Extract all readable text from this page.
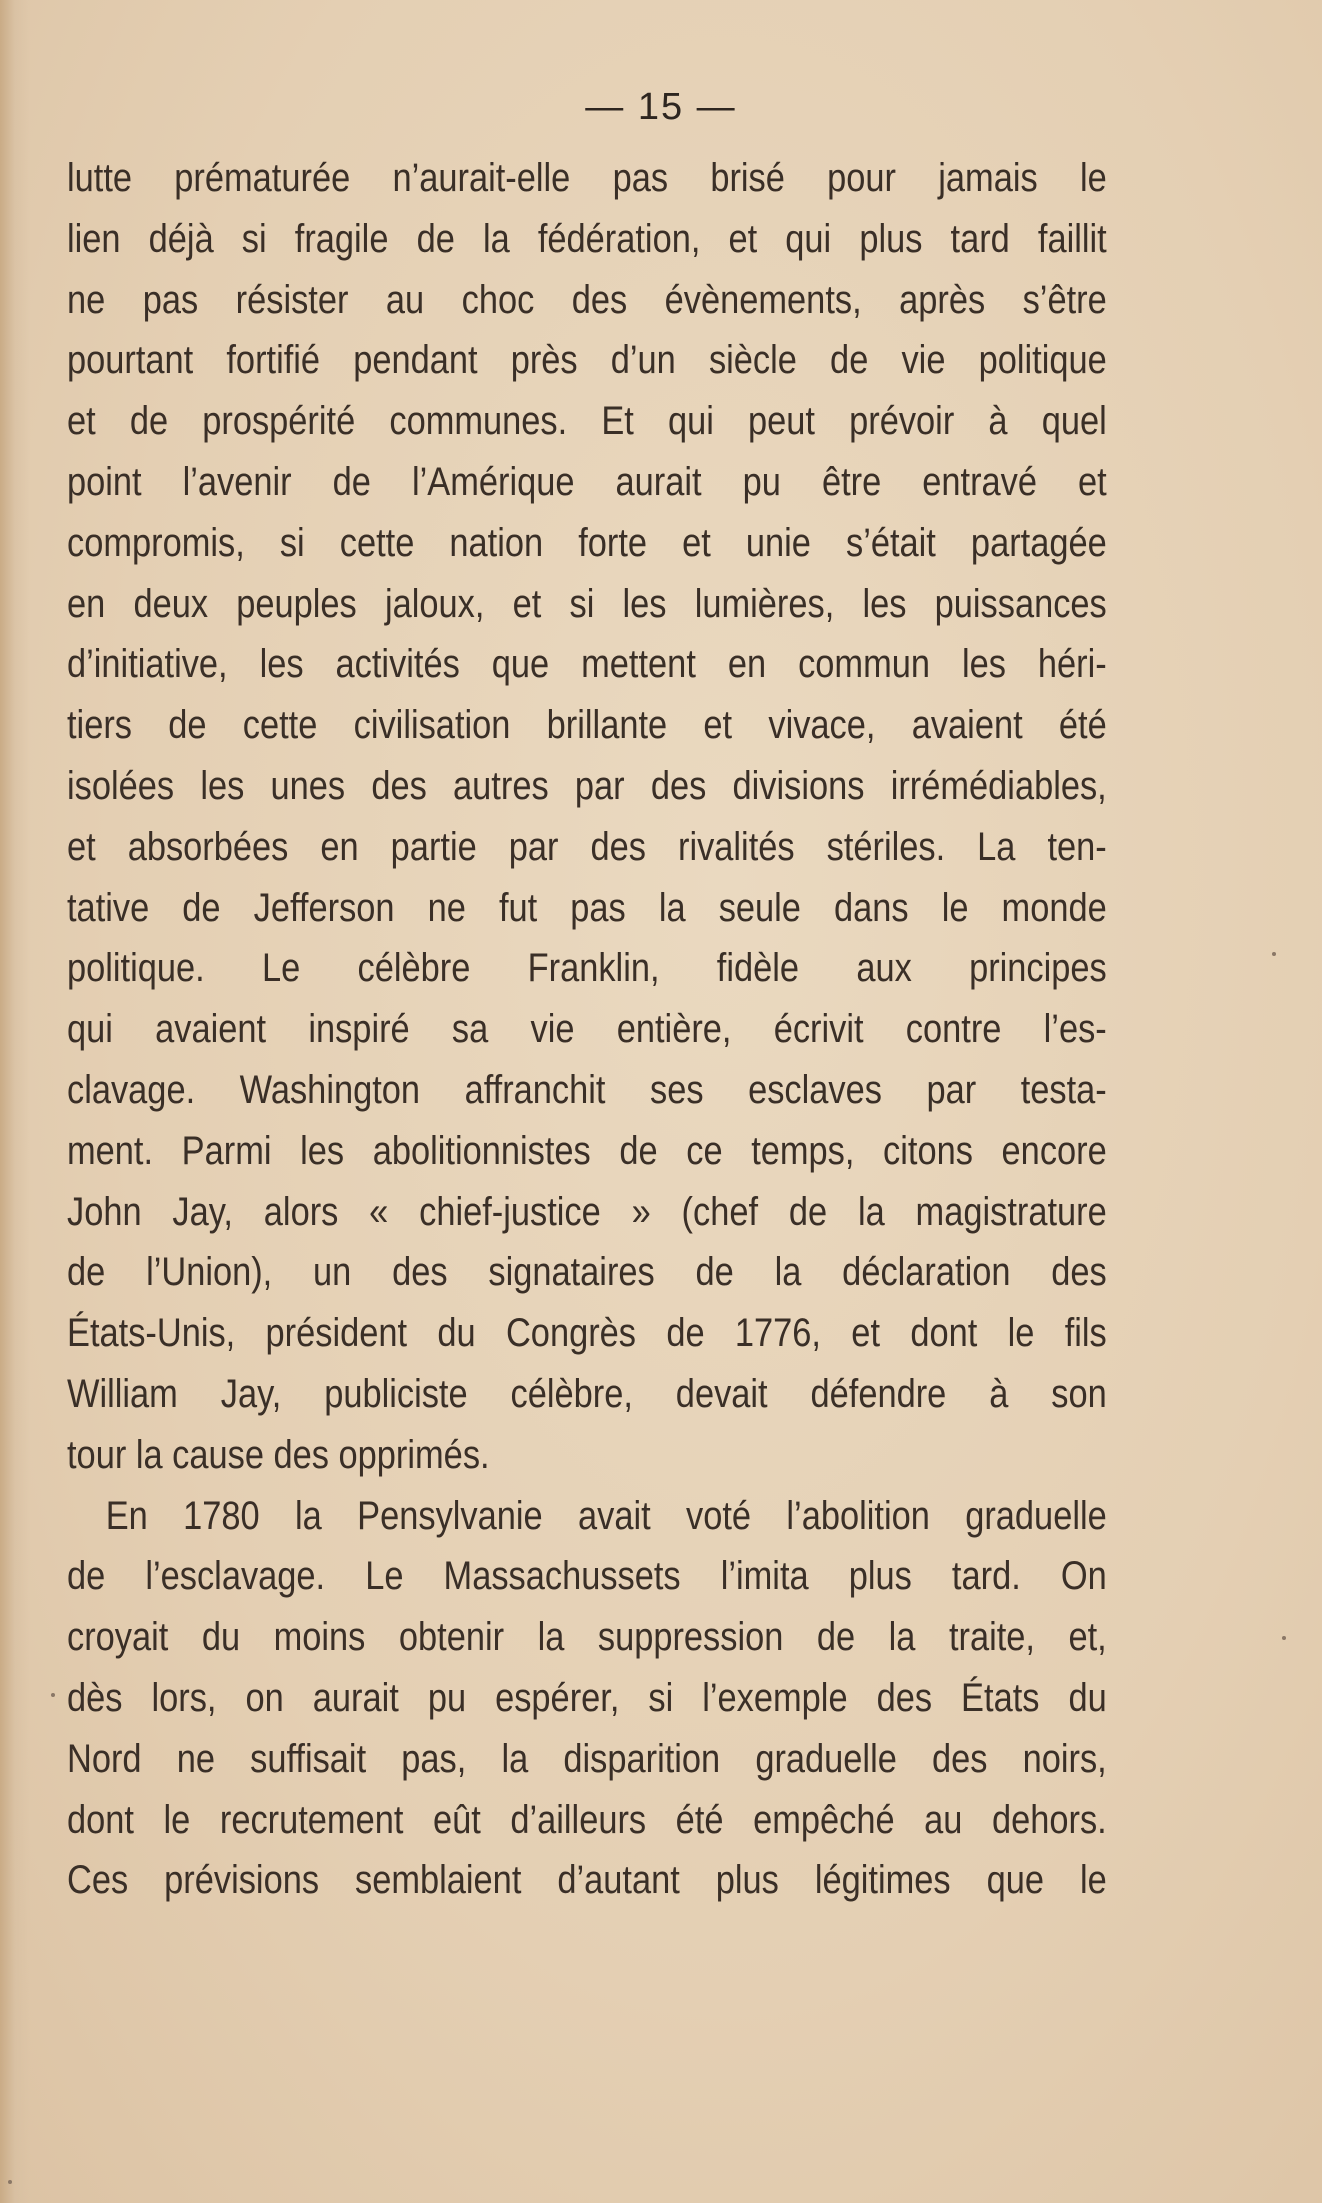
— 15 —
lutte prématurée n’aurait-elle pas brisé pour jamais le
lien déjà si fragile de la fédération, et qui plus tard faillit
ne pas résister au choc des évènements, après s’être
pourtant fortifié pendant près d’un siècle de vie politique
et de prospérité communes. Et qui peut prévoir à quel
point l’avenir de l’Amérique aurait pu être entravé et
compromis, si cette nation forte et unie s’était partagée
en deux peuples jaloux, et si les lumières, les puissances
d’initiative, les activités que mettent en commun les héri-
tiers de cette civilisation brillante et vivace, avaient été
isolées les unes des autres par des divisions irrémédiables,
et absorbées en partie par des rivalités stériles. La ten-
tative de Jefferson ne fut pas la seule dans le monde
politique. Le célèbre Franklin, fidèle aux principes
qui avaient inspiré sa vie entière, écrivit contre l’es-
clavage. Washington affranchit ses esclaves par testa-
ment. Parmi les abolitionnistes de ce temps, citons encore
John Jay, alors « chief-justice » (chef de la magistrature
de l’Union), un des signataires de la déclaration des
États-Unis, président du Congrès de 1776, et dont le fils
William Jay, publiciste célèbre, devait défendre à son
tour la cause des opprimés.
En 1780 la Pensylvanie avait voté l’abolition graduelle
de l’esclavage. Le Massachussets l’imita plus tard. On
croyait du moins obtenir la suppression de la traite, et,
dès lors, on aurait pu espérer, si l’exemple des États du
Nord ne suffisait pas, la disparition graduelle des noirs,
dont le recrutement eût d’ailleurs été empêché au dehors.
Ces prévisions semblaient d’autant plus légitimes que le
